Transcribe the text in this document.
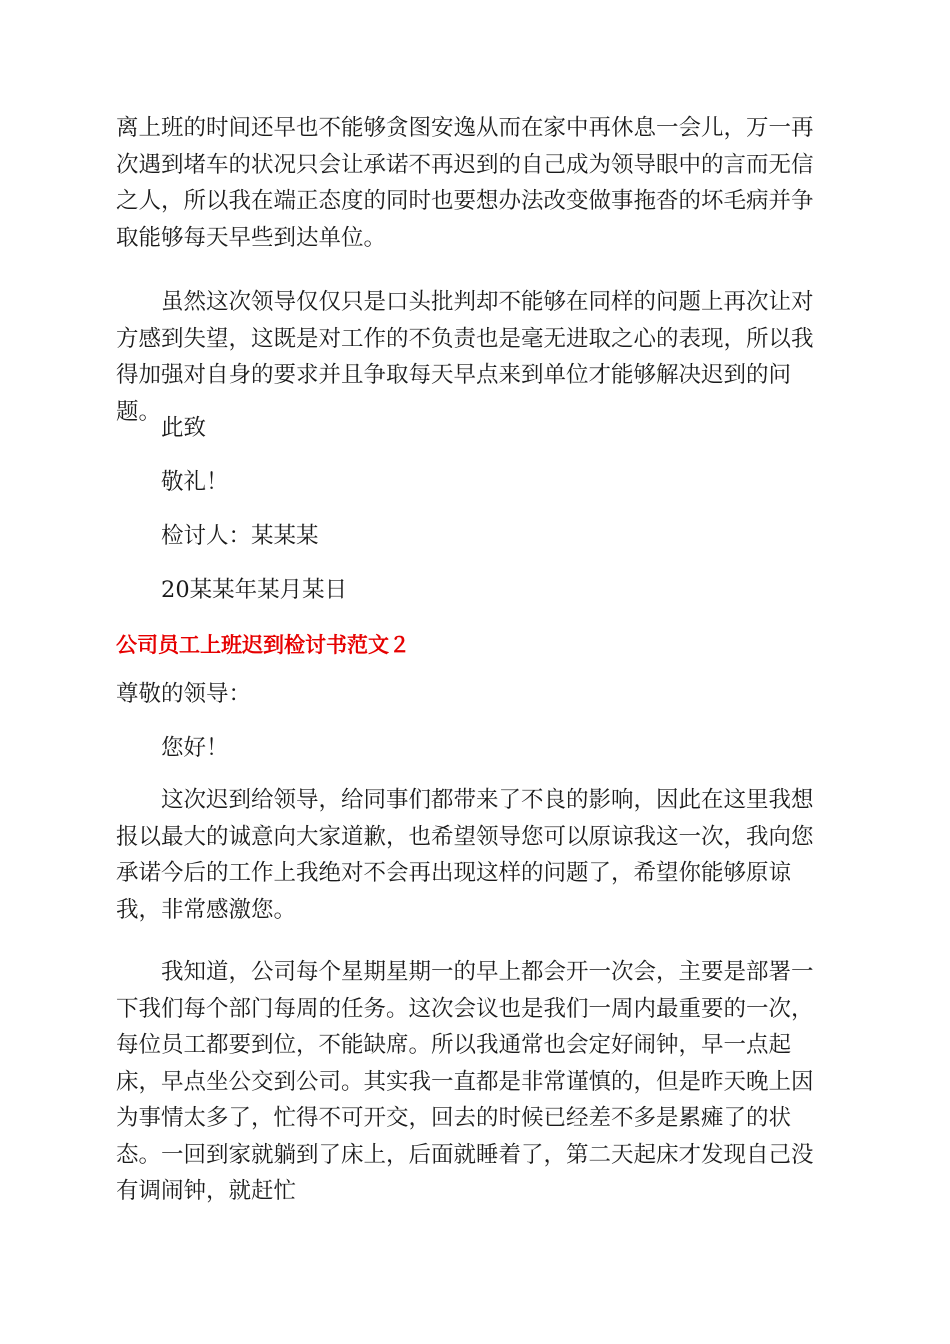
离上班的时间还早也不能够贪图安逸从而在家中再休息一会儿，万一再次遇到堵车的状况只会让承诺不再迟到的自己成为领导眼中的言而无信之人，所以我在端正态度的同时也要想办法改变做事拖沓的坏毛病并争取能够每天早些到达单位。

虽然这次领导仅仅只是口头批判却不能够在同样的问题上再次让对方感到失望，这既是对工作的不负责也是毫无进取之心的表现，所以我得加强对自身的要求并且争取每天早点来到单位才能够解决迟到的问题。

此致

敬礼！

检讨人：某某某

20某某年某月某日

公司员工上班迟到检讨书范文２

尊敬的领导：

您好！

这次迟到给领导，给同事们都带来了不良的影响，因此在这里我想报以最大的诚意向大家道歉，也希望领导您可以原谅我这一次，我向您承诺今后的工作上我绝对不会再出现这样的问题了，希望你能够原谅我，非常感激您。

我知道，公司每个星期星期一的早上都会开一次会，主要是部署一下我们每个部门每周的任务。这次会议也是我们一周内最重要的一次，每位员工都要到位，不能缺席。所以我通常也会定好闹钟，早一点起床，早点坐公交到公司。其实我一直都是非常谨慎的，但是昨天晚上因为事情太多了，忙得不可开交，回去的时候已经差不多是累瘫了的状态。一回到家就躺到了床上，后面就睡着了，第二天起床才发现自己没有调闹钟，就赶忙
